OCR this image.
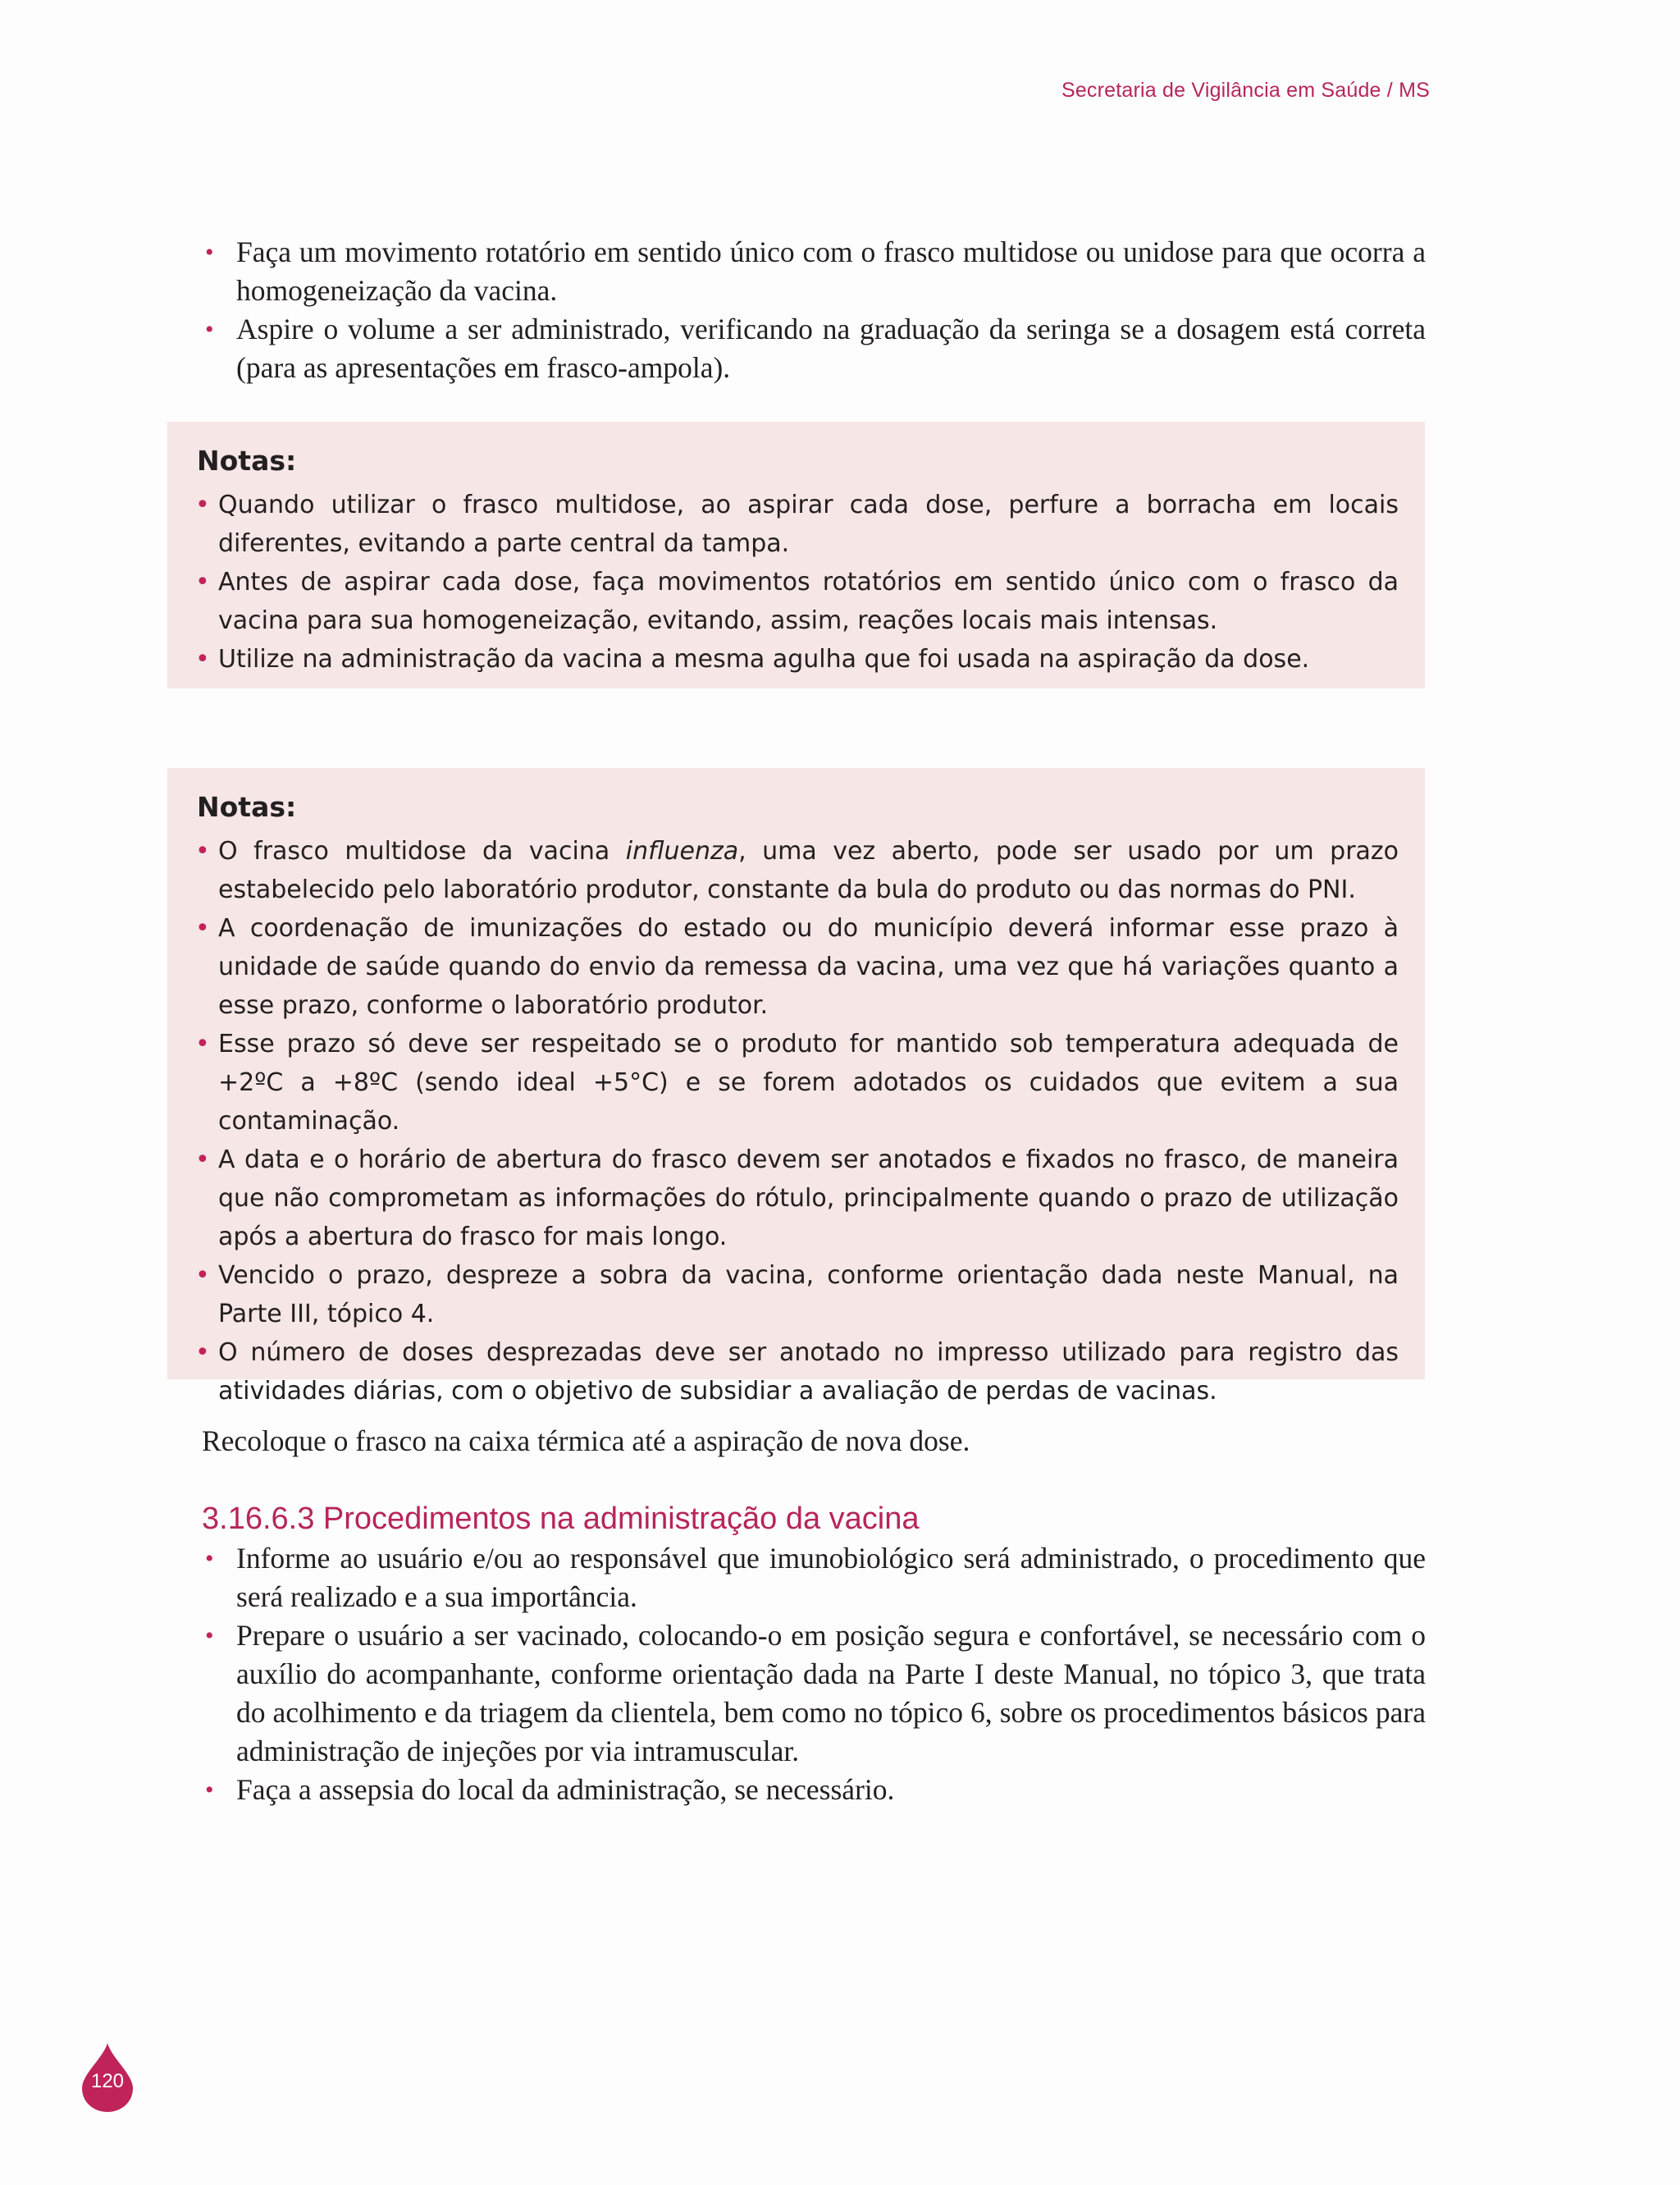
Secretaria de Vigilância em Saúde / MS
• Faça um movimento rotatório em sentido único com o frasco multidose ou unidose para que ocorra a homogeneização da vacina.
• Aspire o volume a ser administrado, verificando na graduação da seringa se a dosagem está correta (para as apresentações em frasco-ampola).
Notas:
• Quando utilizar o frasco multidose, ao aspirar cada dose, perfure a borracha em locais diferentes, evitando a parte central da tampa.
• Antes de aspirar cada dose, faça movimentos rotatórios em sentido único com o frasco da vacina para sua homogeneização, evitando, assim, reações locais mais intensas.
• Utilize na administração da vacina a mesma agulha que foi usada na aspiração da dose.
Notas:
• O frasco multidose da vacina influenza, uma vez aberto, pode ser usado por um prazo estabelecido pelo laboratório produtor, constante da bula do produto ou das normas do PNI.
• A coordenação de imunizações do estado ou do município deverá informar esse prazo à unidade de saúde quando do envio da remessa da vacina, uma vez que há variações quanto a esse prazo, conforme o laboratório produtor.
• Esse prazo só deve ser respeitado se o produto for mantido sob temperatura adequada de +2ºC a +8ºC (sendo ideal +5°C) e se forem adotados os cuidados que evitem a sua contaminação.
• A data e o horário de abertura do frasco devem ser anotados e fixados no frasco, de maneira que não comprometam as informações do rótulo, principalmente quando o prazo de utilização após a abertura do frasco for mais longo.
• Vencido o prazo, despreze a sobra da vacina, conforme orientação dada neste Manual, na Parte III, tópico 4.
• O número de doses desprezadas deve ser anotado no impresso utilizado para registro das atividades diárias, com o objetivo de subsidiar a avaliação de perdas de vacinas.
Recoloque o frasco na caixa térmica até a aspiração de nova dose.
3.16.6.3 Procedimentos na administração da vacina
• Informe ao usuário e/ou ao responsável que imunobiológico será administrado, o procedimento que será realizado e a sua importância.
• Prepare o usuário a ser vacinado, colocando-o em posição segura e confortável, se necessário com o auxílio do acompanhante, conforme orientação dada na Parte I deste Manual, no tópico 3, que trata do acolhimento e da triagem da clientela, bem como no tópico 6, sobre os procedimentos básicos para administração de injeções por via intramuscular.
• Faça a assepsia do local da administração, se necessário.
120
